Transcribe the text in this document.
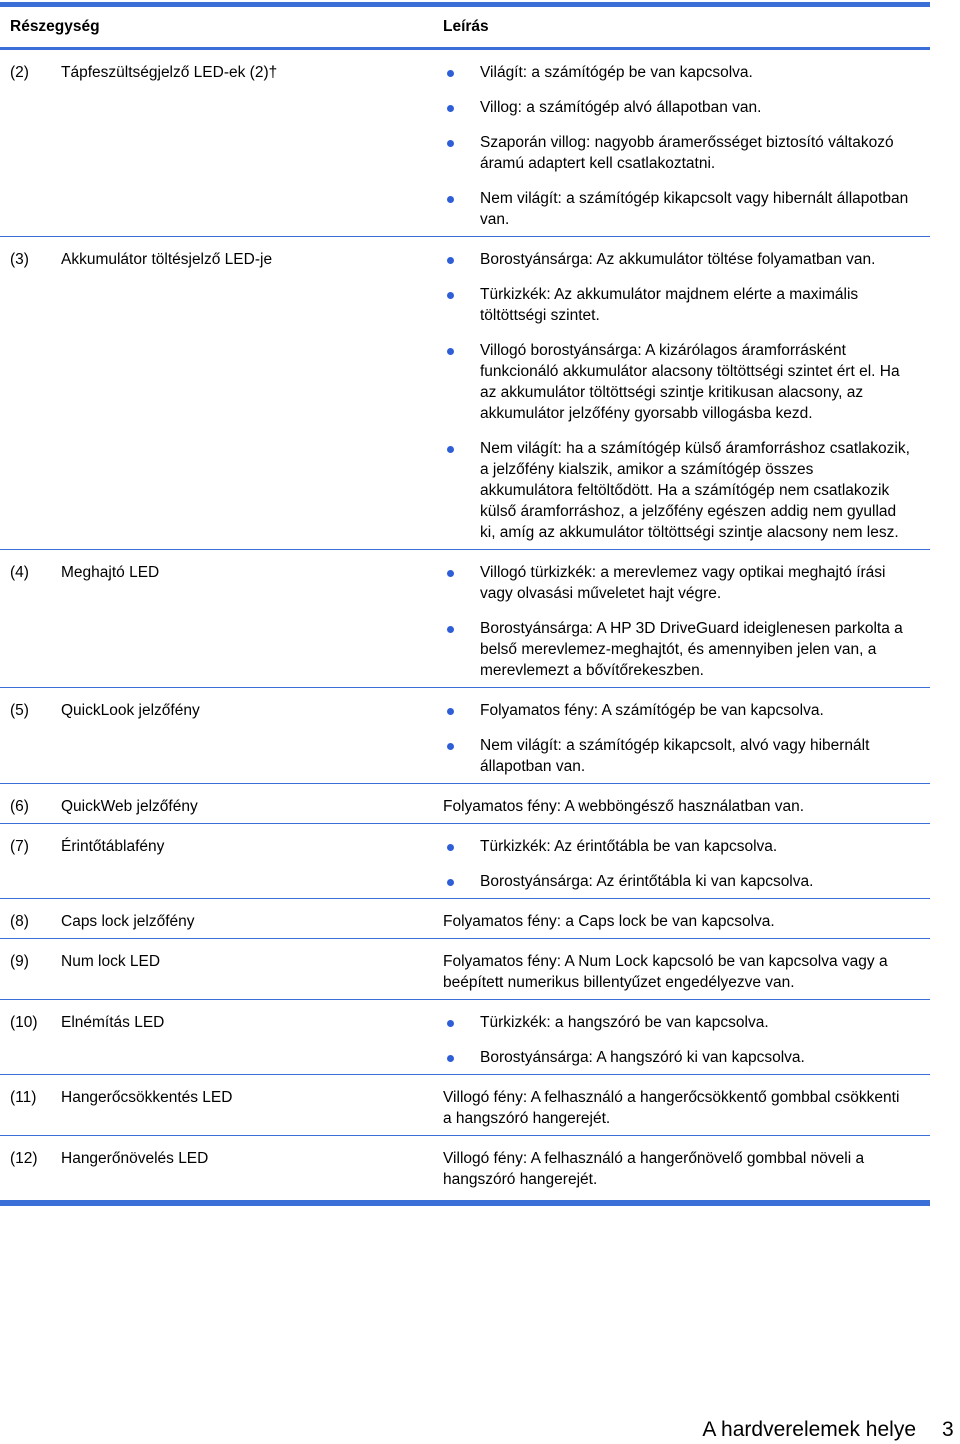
Részegység	Leírás
(2)	Tápfeszültségjelző LED-ek (2)†	Világít: a számítógép be van kapcsolva.
Villog: a számítógép alvó állapotban van.
Szaporán villog: nagyobb áramerősséget biztosító váltakozó áramú adaptert kell csatlakoztatni.
Nem világít: a számítógép kikapcsolt vagy hibernált állapotban van.
(3)	Akkumulátor töltésjelző LED-je	Borostyánsárga: Az akkumulátor töltése folyamatban van.
Türkizkék: Az akkumulátor majdnem elérte a maximális töltöttségi szintet.
Villogó borostyánsárga: A kizárólagos áramforrásként funkcionáló akkumulátor alacsony töltöttségi szintet ért el. Ha az akkumulátor töltöttségi szintje kritikusan alacsony, az akkumulátor jelzőfény gyorsabb villogásba kezd.
Nem világít: ha a számítógép külső áramforráshoz csatlakozik, a jelzőfény kialszik, amikor a számítógép összes akkumulátora feltöltődött. Ha a számítógép nem csatlakozik külső áramforráshoz, a jelzőfény egészen addig nem gyullad ki, amíg az akkumulátor töltöttségi szintje alacsony nem lesz.
(4)	Meghajtó LED	Villogó türkizkék: a merevlemez vagy optikai meghajtó írási vagy olvasási műveletet hajt végre.
Borostyánsárga: A HP 3D DriveGuard ideiglenesen parkolta a belső merevlemez-meghajtót, és amennyiben jelen van, a merevlemezt a bővítőrekeszben.
(5)	QuickLook jelzőfény	Folyamatos fény: A számítógép be van kapcsolva.
Nem világít: a számítógép kikapcsolt, alvó vagy hibernált állapotban van.
(6)	QuickWeb jelzőfény	Folyamatos fény: A webböngésző használatban van.
(7)	Érintőtáblafény	Türkizkék: Az érintőtábla be van kapcsolva.
Borostyánsárga: Az érintőtábla ki van kapcsolva.
(8)	Caps lock jelzőfény	Folyamatos fény: a Caps lock be van kapcsolva.
(9)	Num lock LED	Folyamatos fény: A Num Lock kapcsoló be van kapcsolva vagy a beépített numerikus billentyűzet engedélyezve van.
(10)	Elnémítás LED	Türkizkék: a hangszóró be van kapcsolva.
Borostyánsárga: A hangszóró ki van kapcsolva.
(11)	Hangerőcsökkentés LED	Villogó fény: A felhasználó a hangerőcsökkentő gombbal csökkenti a hangszóró hangerejét.
(12)	Hangerőnövelés LED	Villogó fény: A felhasználó a hangerőnövelő gombbal növeli a hangszóró hangerejét.
A hardverelemek helye 3
